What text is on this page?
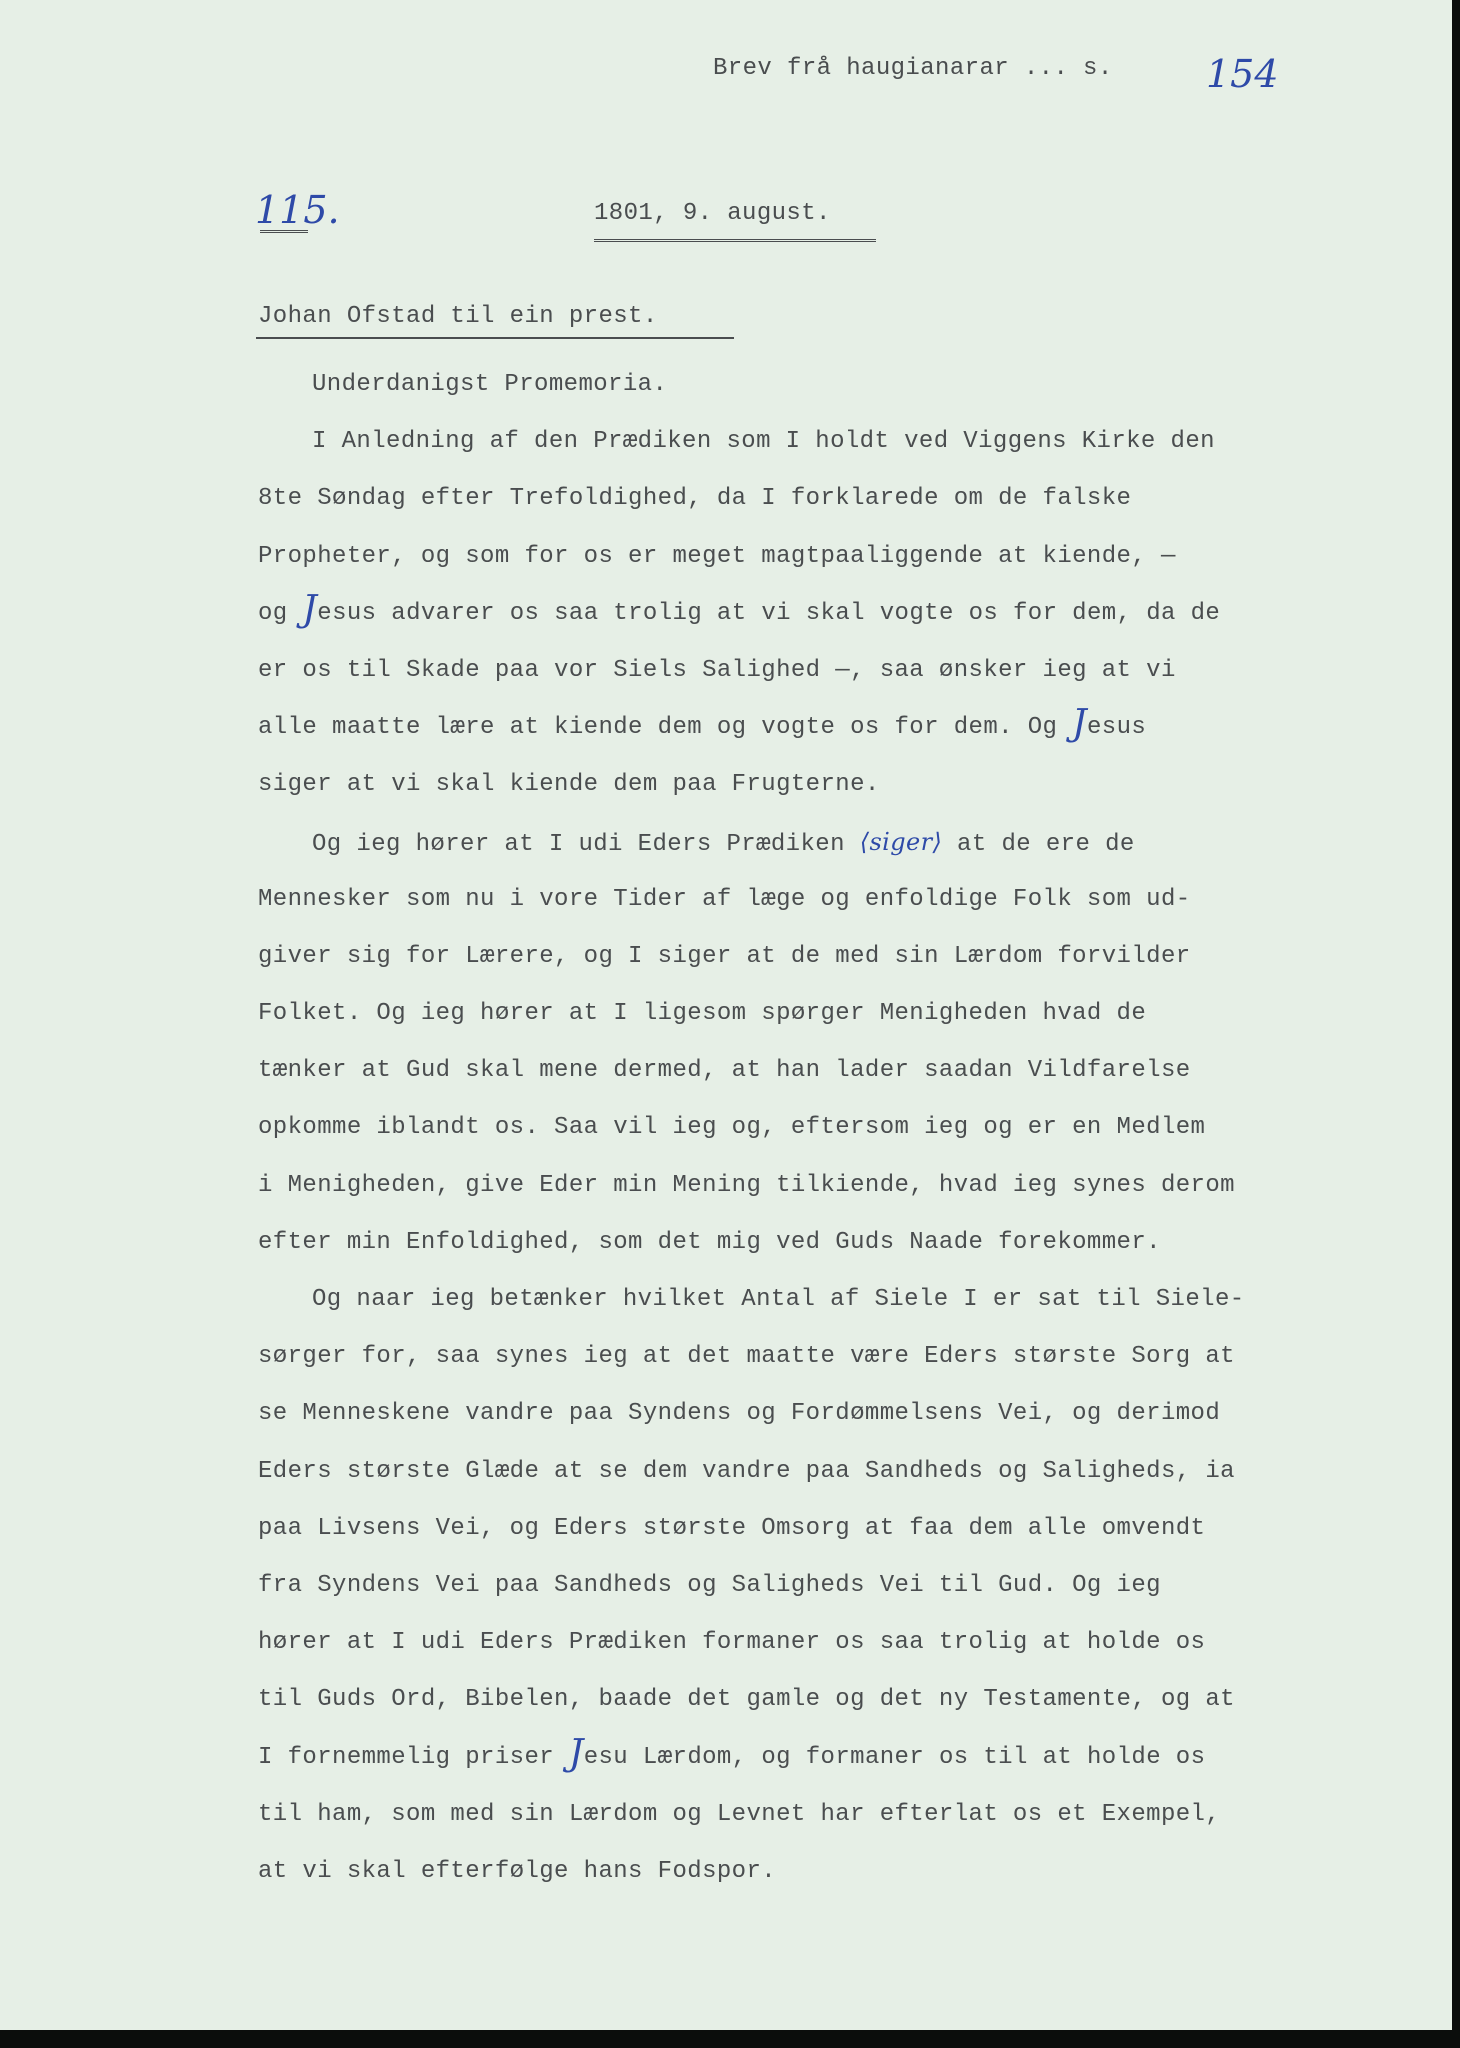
Brev frå haugianarar ... s. 154
115.	1801, 9. august.
Johan Ofstad til ein prest.
Underdanigst Promemoria.
I Anledning af den Prædiken som I holdt ved Viggens Kirke den
8te Søndag efter Trefoldighed, da I forklarede om de falske
Propheter, og som for os er meget magtpaaliggende at kiende, —
og Jesus advarer os saa trolig at vi skal vogte os for dem, da de
er os til Skade paa vor Siels Salighed —, saa ønsker ieg at vi
alle maatte lære at kiende dem og vogte os for dem. Og Jesus
siger at vi skal kiende dem paa Frugterne.
Og ieg hører at I udi Eders Prædiken ⟨siger⟩ at de ere de
Mennesker som nu i vore Tider af læge og enfoldige Folk som ud-
giver sig for Lærere, og I siger at de med sin Lærdom forvilder
Folket. Og ieg hører at I ligesom spørger Menigheden hvad de
tænker at Gud skal mene dermed, at han lader saadan Vildfarelse
opkomme iblandt os. Saa vil ieg og, eftersom ieg og er en Medlem
i Menigheden, give Eder min Mening tilkiende, hvad ieg synes derom
efter min Enfoldighed, som det mig ved Guds Naade forekommer.
Og naar ieg betænker hvilket Antal af Siele I er sat til Siele-
sørger for, saa synes ieg at det maatte være Eders største Sorg at
se Menneskene vandre paa Syndens og Fordømmelsens Vei, og derimod
Eders største Glæde at se dem vandre paa Sandheds og Saligheds, ia
paa Livsens Vei, og Eders største Omsorg at faa dem alle omvendt
fra Syndens Vei paa Sandheds og Saligheds Vei til Gud. Og ieg
hører at I udi Eders Prædiken formaner os saa trolig at holde os
til Guds Ord, Bibelen, baade det gamle og det ny Testamente, og at
I fornemmelig priser Jesu Lærdom, og formaner os til at holde os
til ham, som med sin Lærdom og Levnet har efterlat os et Exempel,
at vi skal efterfølge hans Fodspor.
